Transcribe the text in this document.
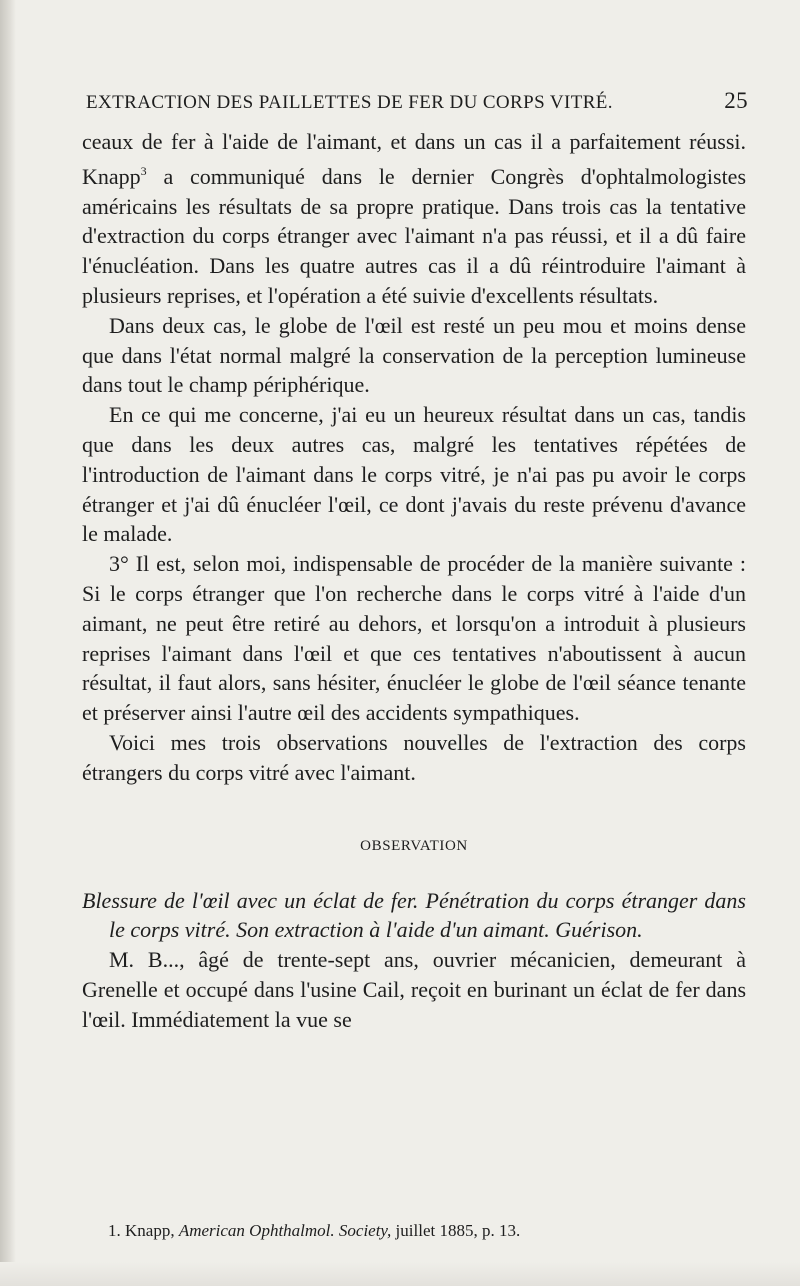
EXTRACTION DES PAILLETTES DE FER DU CORPS VITRÉ.	25

ceaux de fer à l'aide de l'aimant, et dans un cas il a parfaitement réussi. Knapp$^3$ a communiqué dans le dernier Congrès d'ophtalmologistes américains les résultats de sa propre pratique. Dans trois cas la tentative d'extraction du corps étranger avec l'aimant n'a pas réussi, et il a dû faire l'énucléation. Dans les quatre autres cas il a dû réintroduire l'aimant à plusieurs reprises, et l'opération a été suivie d'excellents résultats.

Dans deux cas, le globe de l'œil est resté un peu mou et moins dense que dans l'état normal malgré la conservation de la perception lumineuse dans tout le champ périphérique.

En ce qui me concerne, j'ai eu un heureux résultat dans un cas, tandis que dans les deux autres cas, malgré les tentatives répétées de l'introduction de l'aimant dans le corps vitré, je n'ai pas pu avoir le corps étranger et j'ai dû énucléer l'œil, ce dont j'avais du reste prévenu d'avance le malade.

3° Il est, selon moi, indispensable de procéder de la manière suivante : Si le corps étranger que l'on recherche dans le corps vitré à l'aide d'un aimant, ne peut être retiré au dehors, et lorsqu'on a introduit à plusieurs reprises l'aimant dans l'œil et que ces tentatives n'aboutissent à aucun résultat, il faut alors, sans hésiter, énucléer le globe de l'œil séance tenante et préserver ainsi l'autre œil des accidents sympathiques.

Voici mes trois observations nouvelles de l'extraction des corps étrangers du corps vitré avec l'aimant.

OBSERVATION

Blessure de l'œil avec un éclat de fer. Pénétration du corps étranger dans le corps vitré. Son extraction à l'aide d'un aimant. Guérison.

M. B..., âgé de trente-sept ans, ouvrier mécanicien, demeurant à Grenelle et occupé dans l'usine Cail, reçoit en burinant un éclat de fer dans l'œil. Immédiatement la vue se

1. Knapp, American Ophthalmol. Society, juillet 1885, p. 13.
